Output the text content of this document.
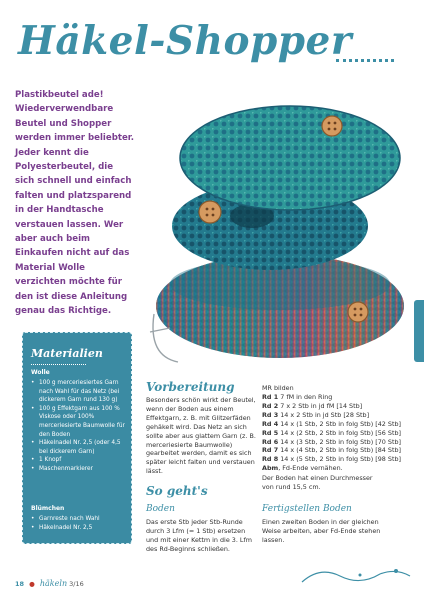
Häkel-Shopper
Plastikbeutel ade! Wiederverwendbare Beutel und Shopper werden immer beliebter. Jeder kennt die Polyesterbeutel, die sich schnell und einfach falten und platzsparend in der Handtasche verstauen lassen. Wer aber auch beim Einkaufen nicht auf das Material Wolle verzichten möchte für den ist diese Anleitung genau das Richtige.
Materialien
Wolle
• 100 g merceriesiertes Garn nach Wahl für das Netz (bei dickerem Garn rund 130 g)
• 100 g Effektgarn aus 100 % Viskose oder 100% merceriesierte Baumwolle für den Boden
• Häkelnadel Nr. 2,5 (oder 4,5 bei dickerem Garn)
• 1 Knopf
• Maschenmarkierer
Blümchen
• Garnreste nach Wahl
• Häkelnadel Nr. 2,5
Vorbereitung
Besonders schön wirkt der Beutel, wenn der Boden aus einem Effektgarn, z. B. mit Glitzerfäden gehäkelt wird. Das Netz an sich sollte aber aus glattem Garn (z. B. merceriesierte Baumwolle) gearbeitet werden, damit es sich später leicht falten und verstauen lässt.
So geht's
Boden
Das erste Stb jeder Stb-Runde durch 3 Lfm (= 1 Stb) ersetzen und mit einer Kettm in die 3. Lfm des Rd-Beginns schließen.
MR bilden
Rd 1 7 fM in den Ring
Rd 2 7 x 2 Stb in jd fM [14 Stb]
Rd 3 14 x 2 Stb in jd Stb [28 Stb]
Rd 4 14 x (1 Stb, 2 Stb in folg Stb) [42 Stb]
Rd 5 14 x (2 Stb, 2 Stb in folg Stb) [56 Stb]
Rd 6 14 x (3 Stb, 2 Stb in folg Stb) [70 Stb]
Rd 7 14 x (4 Stb, 2 Stb in folg Stb) [84 Stb]
Rd 8 14 x (5 Stb, 2 Stb in folg Stb) [98 Stb]
Abm, Fd-Ende vernähen.
Der Boden hat einen Durchmesser von rund 15,5 cm.
Fertigstellen Boden
Einen zweiten Boden in der gleichen Weise arbeiten, aber Fd-Ende stehen lassen.
18 ● häkeln 3/16
